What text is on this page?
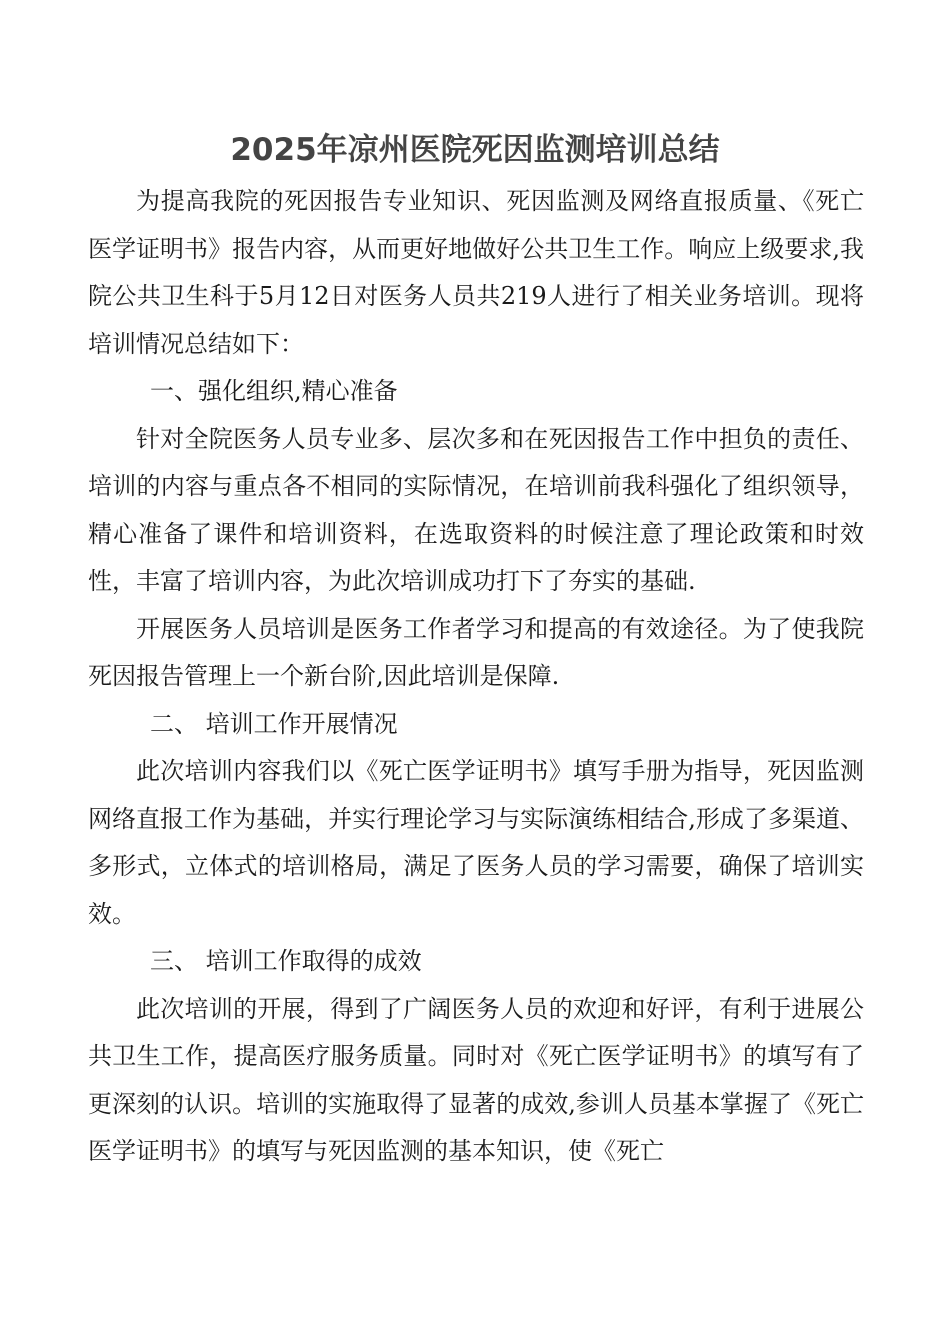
2025年凉州医院死因监测培训总结

为提高我院的死因报告专业知识、死因监测及网络直报质量、《死亡医学证明书》报告内容，从而更好地做好公共卫生工作。响应上级要求,我院公共卫生科于5月12日对医务人员共219人进行了相关业务培训。现将培训情况总结如下：

一、强化组织,精心准备

针对全院医务人员专业多、层次多和在死因报告工作中担负的责任、培训的内容与重点各不相同的实际情况，在培训前我科强化了组织领导，精心准备了课件和培训资料，在选取资料的时候注意了理论政策和时效性，丰富了培训内容，为此次培训成功打下了夯实的基础.

开展医务人员培训是医务工作者学习和提高的有效途径。为了使我院死因报告管理上一个新台阶,因此培训是保障.

二、 培训工作开展情况

此次培训内容我们以《死亡医学证明书》填写手册为指导，死因监测网络直报工作为基础，并实行理论学习与实际演练相结合,形成了多渠道、多形式，立体式的培训格局，满足了医务人员的学习需要，确保了培训实效。

三、 培训工作取得的成效

此次培训的开展，得到了广阔医务人员的欢迎和好评，有利于进展公共卫生工作，提高医疗服务质量。同时对《死亡医学证明书》的填写有了更深刻的认识。培训的实施取得了显著的成效,参训人员基本掌握了《死亡医学证明书》的填写与死因监测的基本知识，使《死亡
